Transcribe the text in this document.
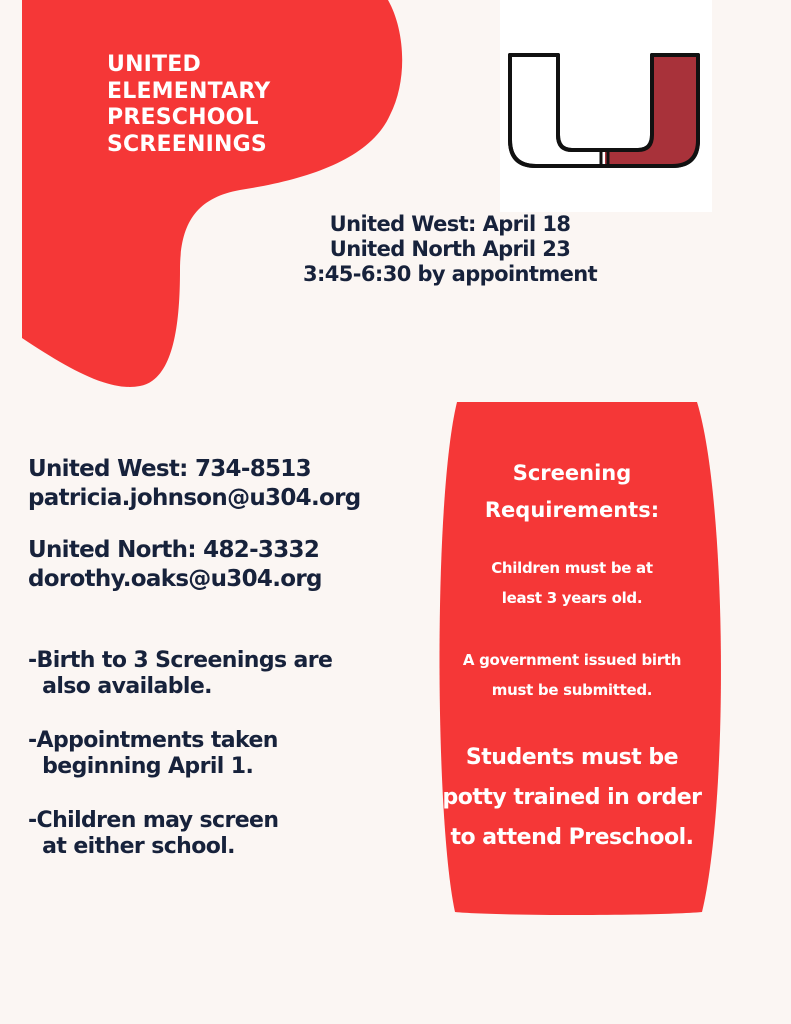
UNITED
ELEMENTARY
PRESCHOOL
SCREENINGS
United West: April 18
United North April 23
3:45-6:30 by appointment
United West: 734-8513
patricia.johnson@u304.org
United North: 482-3332
dorothy.oaks@u304.org
-Birth to 3 Screenings are
also available.
-Appointments taken
beginning April 1.
-Children may screen
at either school.
Screening
Requirements:
Children must be at
least 3 years old.
A government issued birth
must be submitted.
Students must be
potty trained in order
to attend Preschool.
